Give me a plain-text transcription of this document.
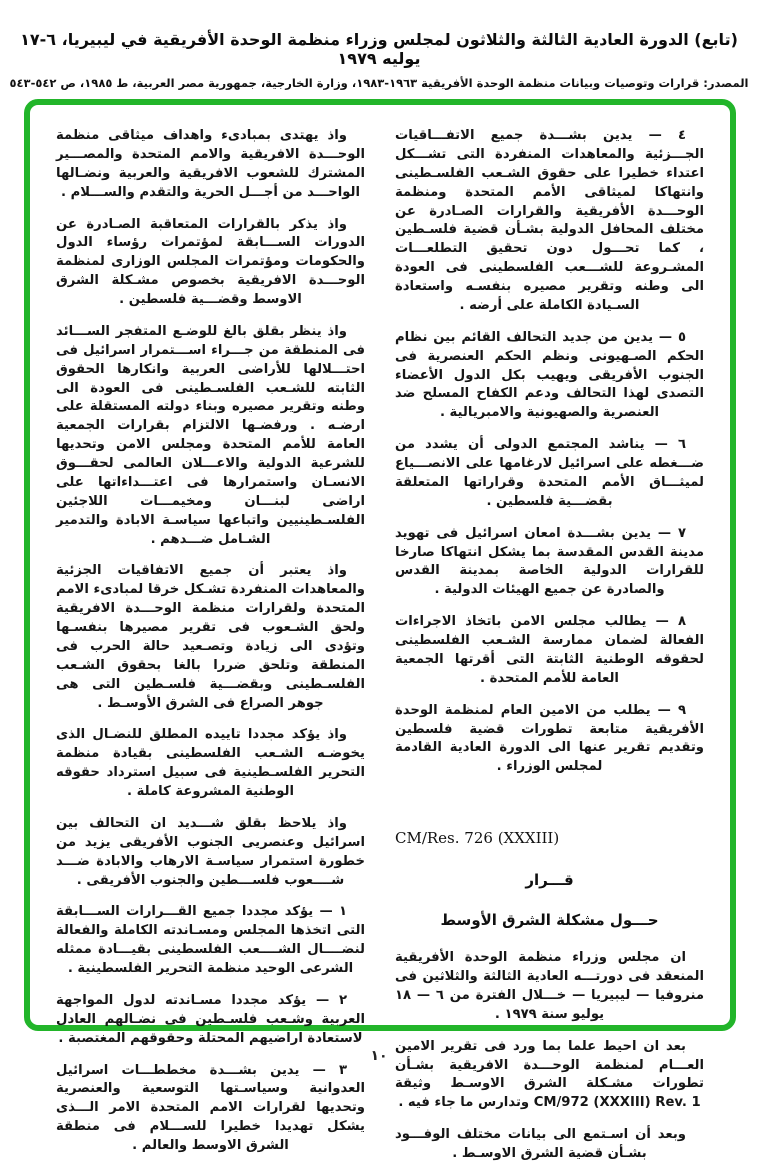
(تابع) الدورة العادية الثالثة والثلاثون لمجلس وزراء منظمة الوحدة الأفريقية في ليبيريا، ٦-١٧ يوليه ١٩٧٩

المصدر: قرارات وتوصيات وبيانات منظمة الوحدة الأفريقية ١٩٦٣-١٩٨٣، وزارة الخارجية، جمهورية مصر العربية، ط ١٩٨٥، ص ٥٤٢-٥٤٣

٤ — يدين بشـــدة جميع الاتفـــاقيات الجـــزئية والمعاهدات المنفردة التى تشـــكل اعتداء خطيرا على حقوق الشـعب الفلسـطينى وانتهاكا لميثاقى الأمم المتحدة ومنظمة الوحـــدة الأفريقية والقرارات الصـادرة عن مختلف المحافل الدولية بشـأن قضية فلسـطين ، كما تحـــول دون تحقيق التطلعـــات المشـروعة للشـــعب الفلسطينى فى العودة الى وطنه وتقرير مصيره بنفسـه واستعادة السـيادة الكاملة على أرضه .

٥ — يدين من جديد التحالف القائم بين نظام الحكم الصـهيونى ونظم الحكم العنصرية فى الجنوب الأفريقى ويهيب بكل الدول الأعضاء التصدى لهذا التحالف ودعم الكفاح المسلح ضد العنصرية والصهيونية والامبريالية .

٦ — يناشد المجتمع الدولى أن يشدد من ضـــغطه على اسرائيل لارغامها على الانصـــياع لميثـــاق الأمم المتحدة وقراراتها المتعلقة بقضـــية فلسطين .

٧ — يدين بشـــدة امعان اسرائيل فى تهويد مدينة القدس المقدسة بما يشكل انتهاكا صارخا للقرارات الدولية الخاصة بمدينة القدس والصادرة عن جميع الهيئات الدولية .

٨ — يطالب مجلس الامن باتخاذ الاجراءات الفعالة لضمان ممارسة الشـعب الفلسطينى لحقوقه الوطنية الثابتة التى أقرتها الجمعية العامة للأمم المتحدة .

٩ — يطلب من الامين العام لمنظمة الوحدة الأفريقية متابعة تطورات قضية فلسطين وتقديم تقرير عنها الى الدورة العادية القادمة لمجلس الوزراء .

CM/Res. 726 (XXXIII)
قـــرار
حـــول مشكلة الشرق الأوسط

ان مجلس وزراء منظمة الوحدة الأفريقية المنعقد فى دورتـــه العادية الثالثة والثلاثين فى منروفيا — ليبيريا — خـــلال الفترة من ٦ — ١٨ يوليو سنة ١٩٧٩ .

بعد ان احيط علما بما ورد فى تقرير الامين العـــام لمنظمة الوحـــدة الافريقية بشـأن تطورات مشـكلة الشرق الاوسـط وثيقة CM/972 (XXXIII) Rev. 1 وتدارس ما جاء فيه .

وبعد أن اسـتمع الى بيانات مختلف الوفـــود بشـأن قضية الشرق الاوسـط .

واذ يهتدى بمبادىء واهداف ميثاقى منظمة الوحـــدة الافريقية والامم المتحدة والمصـــير المشترك للشعوب الافريقية والعربية ونضـالها الواحـــد من أجـــل الحرية والتقدم والســـلام .

واذ يذكر بالقرارات المتعاقبة الصـادرة عن الدورات الســـابقة لمؤتمرات رؤساء الدول والحكومات ومؤتمرات المجلس الوزارى لمنظمة الوحـــدة الافريقية بخصوص مشـكلة الشرق الاوسط وقضـــية فلسطين .

واذ ينظر بقلق بالغ للوضـع المتفجر الســـائد فى المنطقة من جـــراء اســـتمرار اسرائيل فى احتـــلالها للأراضى العربية وانكارها الحقوق الثابته للشـعب الفلسـطينى فى العودة الى وطنه وتقرير مصيره وبناء دولته المستقلة على ارضـه . ورفضـها الالتزام بقرارات الجمعية العامة للأمم المتحدة ومجلس الامن وتحديها للشرعية الدولية والاعـــلان العالمى لحقـــوق الانسـان واستمرارها فى اعتـــداءاتها على اراضى لبنـــان ومخيمـــات اللاجئين الفلسـطينيين واتباعها سياسـة الابادة والتدمير الشـامل ضـــدهم .

واذ يعتبر أن جميع الاتفاقيات الجزئية والمعاهدات المنفردة تشـكل خرقا لمبادىء الامم المتحدة ولقرارات منظمة الوحـــدة الافريقية ولحق الشـعوب فى تقرير مصيرها بنفسـها وتؤدى الى زيادة وتصـعيد حالة الحرب فى المنطقة وتلحق ضررا بالغا بحقوق الشـعب الفلسـطينى وبقضـــية فلسـطين التى هى جوهر الصراع فى الشرق الأوسـط .

واذ يؤكد مجددا تاييده المطلق للنضـال الذى يخوضـه الشـعب الفلسطينى بقيادة منظمة التحرير الفلسـطينية فى سبيل استرداد حقوقه الوطنية المشروعة كاملة .

واذ يلاحظ بقلق شـــديد ان التحالف بين اسرائيل وعنصريى الجنوب الأفريقى يزيد من خطورة استمرار سياسـة الارهاب والابادة ضـــد شــــعوب فلســـطين والجنوب الأفريقى .

١ — يؤكد مجددا جميع القـــرارات الســـابقة التى اتخذها المجلس ومسـاندته الكاملة والفعالة لنضــــال الشــــعب الفلسطينى بقيـــادة ممثله الشرعى الوحيد منظمة التحرير الفلسطينية .

٢ — يؤكد مجددا مسـاندته لدول المواجهة العربية وشـعب فلسـطين فى نضـالهم العادل لاستعادة اراضيهم المحتلة وحقوقهم المغتصبة .

٣ — يدين بشـــدة مخططـــات اسرائيل العدوانية وسياسـتها التوسعية والعنصرية وتحديها لقرارات الامم المتحدة الامر الـــذى يشكل تهديدا خطيرا للســـلام فى منطقة الشرق الاوسط والعالم .

١٠
